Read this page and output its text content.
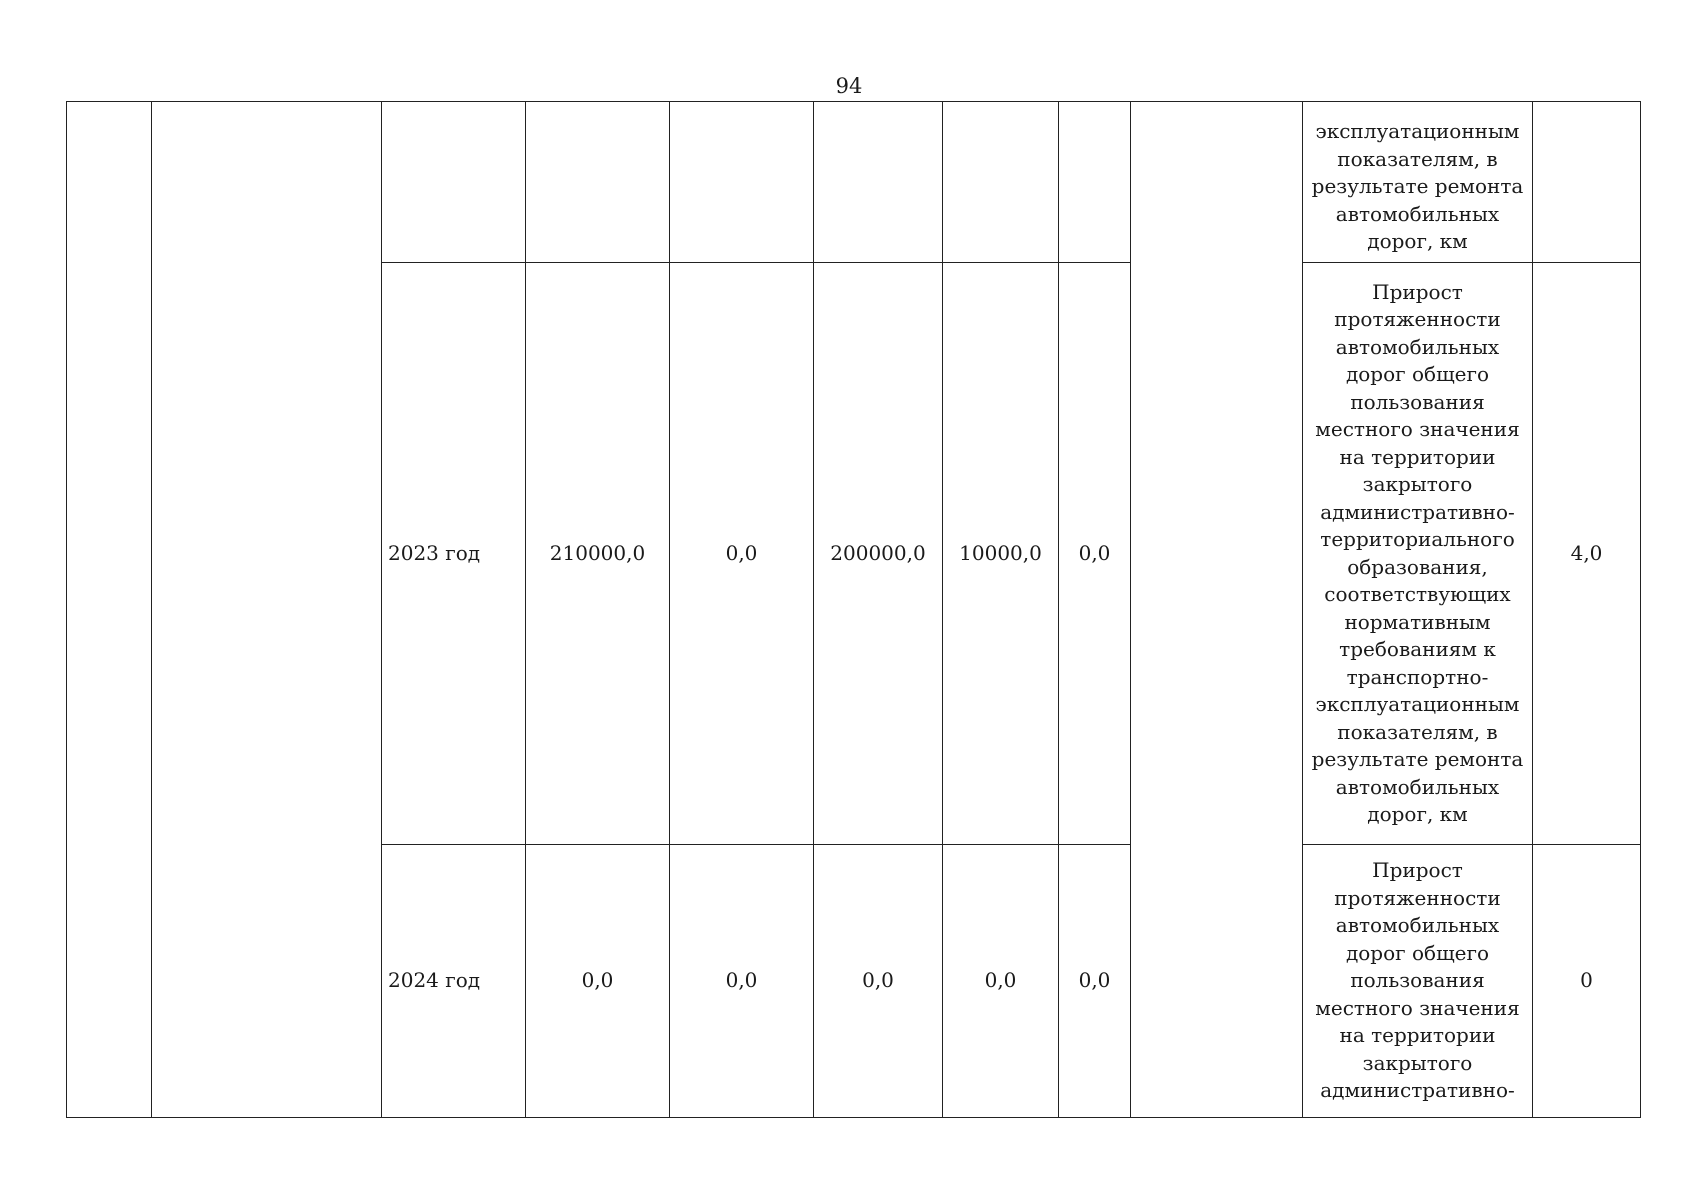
94
									эксплуатационным показателям, в результате ремонта автомобильных дорог, км	
		2023 год	210000,0	0,0	200000,0	10000,0	0,0		Прирост протяженности автомобильных дорог общего пользования местного значения на территории закрытого административно-территориального образования, соответствующих нормативным требованиям к транспортно-эксплуатационным показателям, в результате ремонта автомобильных дорог, км	4,0
		2024 год	0,0	0,0	0,0	0,0	0,0		Прирост протяженности автомобильных дорог общего пользования местного значения на территории закрытого административно-	0
